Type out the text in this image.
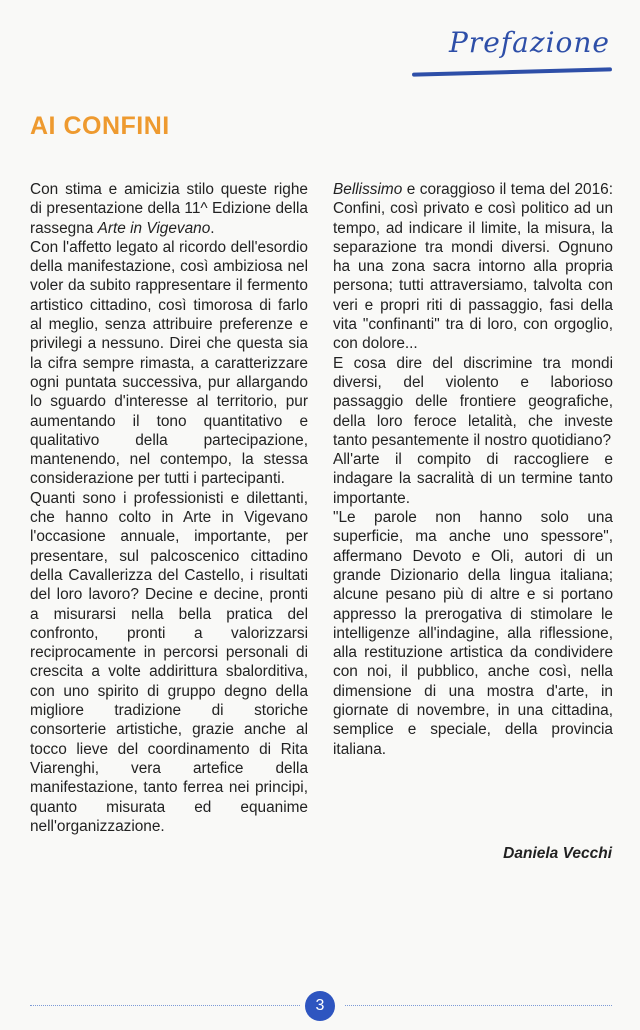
Prefazione
AI CONFINI

Con stima e amicizia stilo queste righe di presentazione della 11^ Edizione della rassegna Arte in Vigevano.

Con l'affetto legato al ricordo dell'esordio della manifestazione, così ambiziosa nel voler da subito rappresentare il fermento artistico cittadino, così timorosa di farlo al meglio, senza attribuire preferenze e privilegi a nessuno. Direi che questa sia la cifra sempre rimasta, a caratterizzare ogni puntata successiva, pur allargando lo sguardo d'interesse al territorio, pur aumentando il tono quantitativo e qualitativo della partecipazione, mantenendo, nel contempo, la stessa considerazione per tutti i partecipanti.

Quanti sono i professionisti e dilettanti, che hanno colto in Arte in Vigevano l'occasione annuale, importante, per presentare, sul palcoscenico cittadino della Cavallerizza del Castello, i risultati del loro lavoro? Decine e decine, pronti a misurarsi nella bella pratica del confronto, pronti a valorizzarsi reciprocamente in percorsi personali di crescita a volte addirittura sbalorditiva, con uno spirito di gruppo degno della migliore tradizione di storiche consorterie artistiche, grazie anche al tocco lieve del coordinamento di Rita Viarenghi, vera artefice della manifestazione, tanto ferrea nei principi, quanto misurata ed equanime nell'organizzazione.

Bellissimo e coraggioso il tema del 2016: Confini, così privato e così politico ad un tempo, ad indicare il limite, la misura, la separazione tra mondi diversi. Ognuno ha una zona sacra intorno alla propria persona; tutti attraversiamo, talvolta con veri e propri riti di passaggio, fasi della vita "confinanti" tra di loro, con orgoglio, con dolore...

E cosa dire del discrimine tra mondi diversi, del violento e laborioso passaggio delle frontiere geografiche, della loro feroce letalità, che investe tanto pesantemente il nostro quotidiano?

All'arte il compito di raccogliere e indagare la sacralità di un termine tanto importante.

"Le parole non hanno solo una superficie, ma anche uno spessore", affermano Devoto e Oli, autori di un grande Dizionario della lingua italiana; alcune pesano più di altre e si portano appresso la prerogativa di stimolare le intelligenze all'indagine, alla riflessione, alla restituzione artistica da condividere con noi, il pubblico, anche così, nella dimensione di una mostra d'arte, in giornate di novembre, in una cittadina, semplice e speciale, della provincia italiana.

Daniela Vecchi
3
